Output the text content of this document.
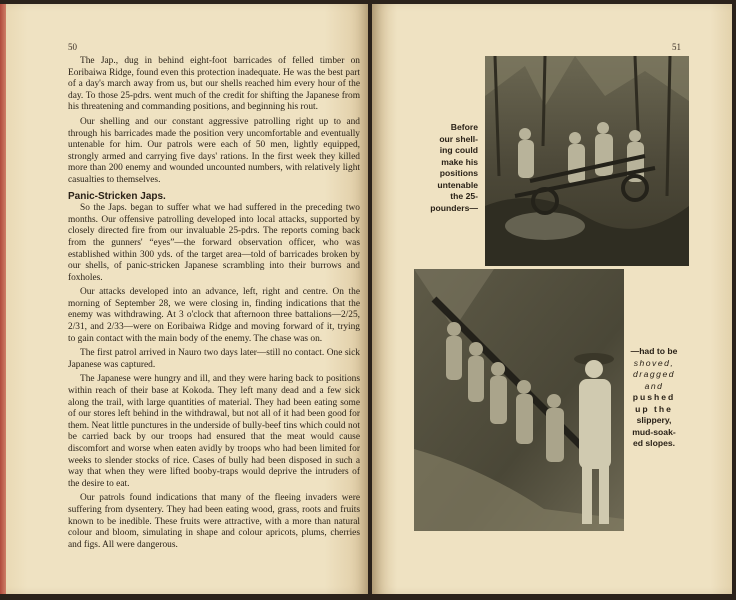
50

The Jap., dug in behind eight-foot barricades of felled timber on Eoribaiwa Ridge, found even this protection inadequate. He was the best part of a day's march away from us, but our shells reached him every hour of the day. To those 25-pdrs. went much of the credit for shifting the Japanese from his threatening and commanding positions, and beginning his rout.

Our shelling and our constant aggressive patrolling right up to and through his barricades made the position very uncomfortable and eventually untenable for him. Our patrols were each of 50 men, lightly equipped, strongly armed and carrying five days' rations. In the first week they killed more than 200 enemy and wounded uncounted numbers, with relatively light casualties to themselves.

Panic-Stricken Japs.

So the Japs. began to suffer what we had suffered in the preceding two months. Our offensive patrolling developed into local attacks, supported by closely directed fire from our invaluable 25-pdrs. The reports coming back from the gunners' “eyes”—the forward observation officer, who was established within 300 yds. of the target area—told of barricades broken by our shells, of panic-stricken Japanese scrambling into their burrows and foxholes.

Our attacks developed into an advance, left, right and centre. On the morning of September 28, we were closing in, finding indications that the enemy was withdrawing. At 3 o'clock that afternoon three battalions—2/25, 2/31, and 2/33—were on Eoribaiwa Ridge and moving forward of it, trying to gain contact with the main body of the enemy. The chase was on.

The first patrol arrived in Nauro two days later—still no contact. One sick Japanese was captured.

The Japanese were hungry and ill, and they were haring back to positions within reach of their base at Kokoda. They left many dead and a few sick along the trail, with large quantities of material. They had been eating some of our stores left behind in the withdrawal, but not all of it had been good for them. Neat little punctures in the underside of bully-beef tins which could not be carried back by our troops had ensured that the meat would cause discomfort and worse when eaten avidly by troops who had been limited for weeks to slender stocks of rice. Cases of bully had been disposed in such a way that when they were lifted booby-traps would deprive the intruders of the desire to eat.

Our patrols found indications that many of the fleeing invaders were suffering from dysentery. They had been eating wood, grass, roots and fruits known to be inedible. These fruits were attractive, with a more than natural colour and bloom, simulating in shape and colour apricots, plums, cherries and figs. All were dangerous.

51
Before
our shell-
ing could
make his
positions
untenable
the 25-
pounders—
—had to be
shoved,
dragged
and
pushed
up the
slippery,
mud-soak-
ed slopes.
